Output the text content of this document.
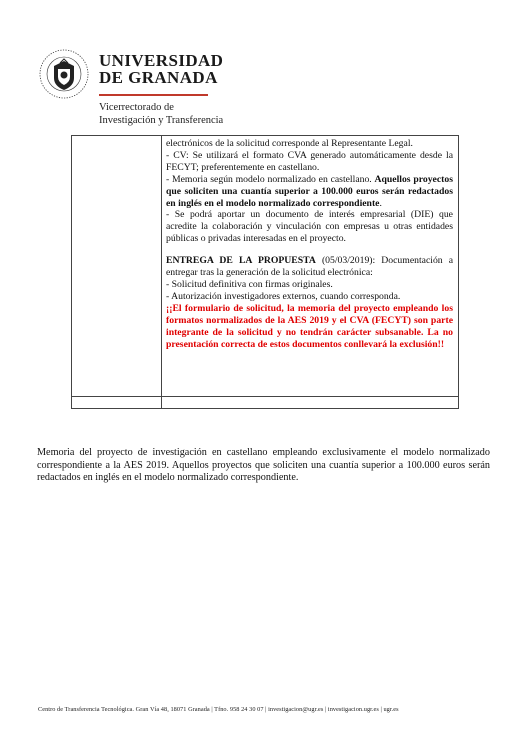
UNIVERSIDAD
DE GRANADA
Vicerrectorado de
Investigación y Transferencia

electrónicos de la solicitud corresponde al Representante Legal.

- CV: Se utilizará el formato CVA generado automáticamente desde la FECYT; preferentemente en castellano.

- Memoria según modelo normalizado en castellano. Aquellos proyectos que soliciten una cuantía superior a 100.000 euros serán redactados en inglés en el modelo normalizado correspondiente.

- Se podrá aportar un documento de interés empresarial (DIE) que acredite la colaboración y vinculación con empresas u otras entidades públicas o privadas interesadas en el proyecto.

ENTREGA DE LA PROPUESTA (05/03/2019): Documentación a entregar tras la generación de la solicitud electrónica:

- Solicitud definitiva con firmas originales.

- Autorización investigadores externos, cuando corresponda.

¡¡El formulario de solicitud, la memoria del proyecto empleando los formatos normalizados de la AES 2019 y el CVA (FECYT) son parte integrante de la solicitud y no tendrán carácter subsanable. La no presentación correcta de estos documentos conllevará la exclusión!!

Memoria del proyecto de investigación en castellano empleando exclusivamente el modelo normalizado correspondiente a la AES 2019. Aquellos proyectos que soliciten una cuantía superior a 100.000 euros serán redactados en inglés en el modelo normalizado correspondiente.
Centro de Transferencia Tecnológica. Gran Vía 48, 18071 Granada | Tfno. 958 24 30 07 | investigacion@ugr.es | investigacion.ugr.es | ugr.es
